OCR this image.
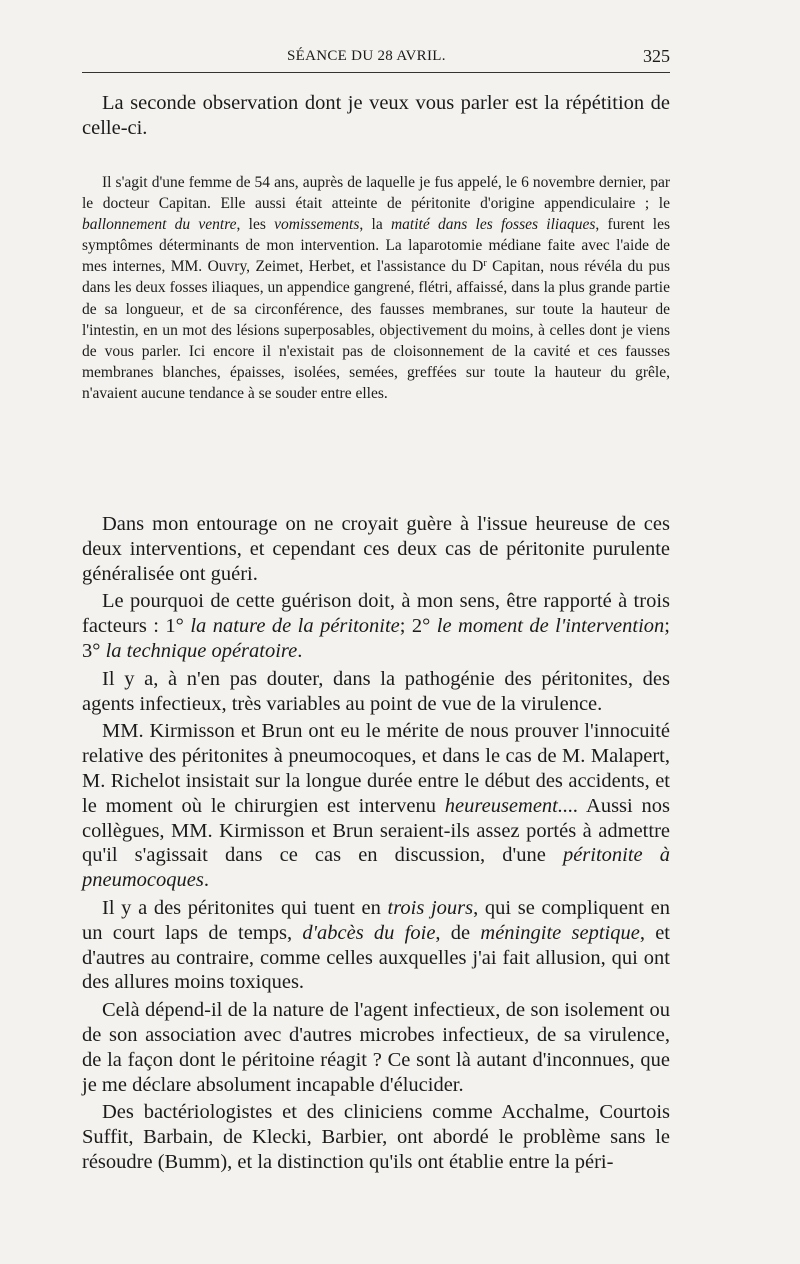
SÉANCE DU 28 AVRIL.	325

La seconde observation dont je veux vous parler est la répétition de celle-ci.

Il s'agit d'une femme de 54 ans, auprès de laquelle je fus appelé, le 6 novembre dernier, par le docteur Capitan. Elle aussi était atteinte de péritonite d'origine appendiculaire ; le ballonnement du ventre, les vomissements, la matité dans les fosses iliaques, furent les symptômes déterminants de mon intervention. La laparotomie médiane faite avec l'aide de mes internes, MM. Ouvry, Zeimet, Herbet, et l'assistance du $D^r$ Capitan, nous révéla du pus dans les deux fosses iliaques, un appendice gangrené, flétri, affaissé, dans la plus grande partie de sa longueur, et de sa circonférence, des fausses membranes, sur toute la hauteur de l'intestin, en un mot des lésions superposables, objectivement du moins, à celles dont je viens de vous parler. Ici encore il n'existait pas de cloisonnement de la cavité et ces fausses membranes blanches, épaisses, isolées, semées, greffées sur toute la hauteur du grêle, n'avaient aucune tendance à se souder entre elles.

Dans mon entourage on ne croyait guère à l'issue heureuse de ces deux interventions, et cependant ces deux cas de péritonite purulente généralisée ont guéri.

Le pourquoi de cette guérison doit, à mon sens, être rapporté à trois facteurs : 1° la nature de la péritonite; 2° le moment de l'intervention; 3° la technique opératoire.

Il y a, à n'en pas douter, dans la pathogénie des péritonites, des agents infectieux, très variables au point de vue de la virulence.

MM. Kirmisson et Brun ont eu le mérite de nous prouver l'innocuité relative des péritonites à pneumocoques, et dans le cas de M. Malapert, M. Richelot insistait sur la longue durée entre le début des accidents, et le moment où le chirurgien est intervenu heureusement.... Aussi nos collègues, MM. Kirmisson et Brun seraient-ils assez portés à admettre qu'il s'agissait dans ce cas en discussion, d'une péritonite à pneumocoques.

Il y a des péritonites qui tuent en trois jours, qui se compliquent en un court laps de temps, d'abcès du foie, de méningite septique, et d'autres au contraire, comme celles auxquelles j'ai fait allusion, qui ont des allures moins toxiques.

Celà dépend-il de la nature de l'agent infectieux, de son isolement ou de son association avec d'autres microbes infectieux, de sa virulence, de la façon dont le péritoine réagit ? Ce sont là autant d'inconnues, que je me déclare absolument incapable d'élucider.

Des bactériologistes et des cliniciens comme Acchalme, Courtois Suffit, Barbain, de Klecki, Barbier, ont abordé le problème sans le résoudre (Bumm), et la distinction qu'ils ont établie entre la péri-
